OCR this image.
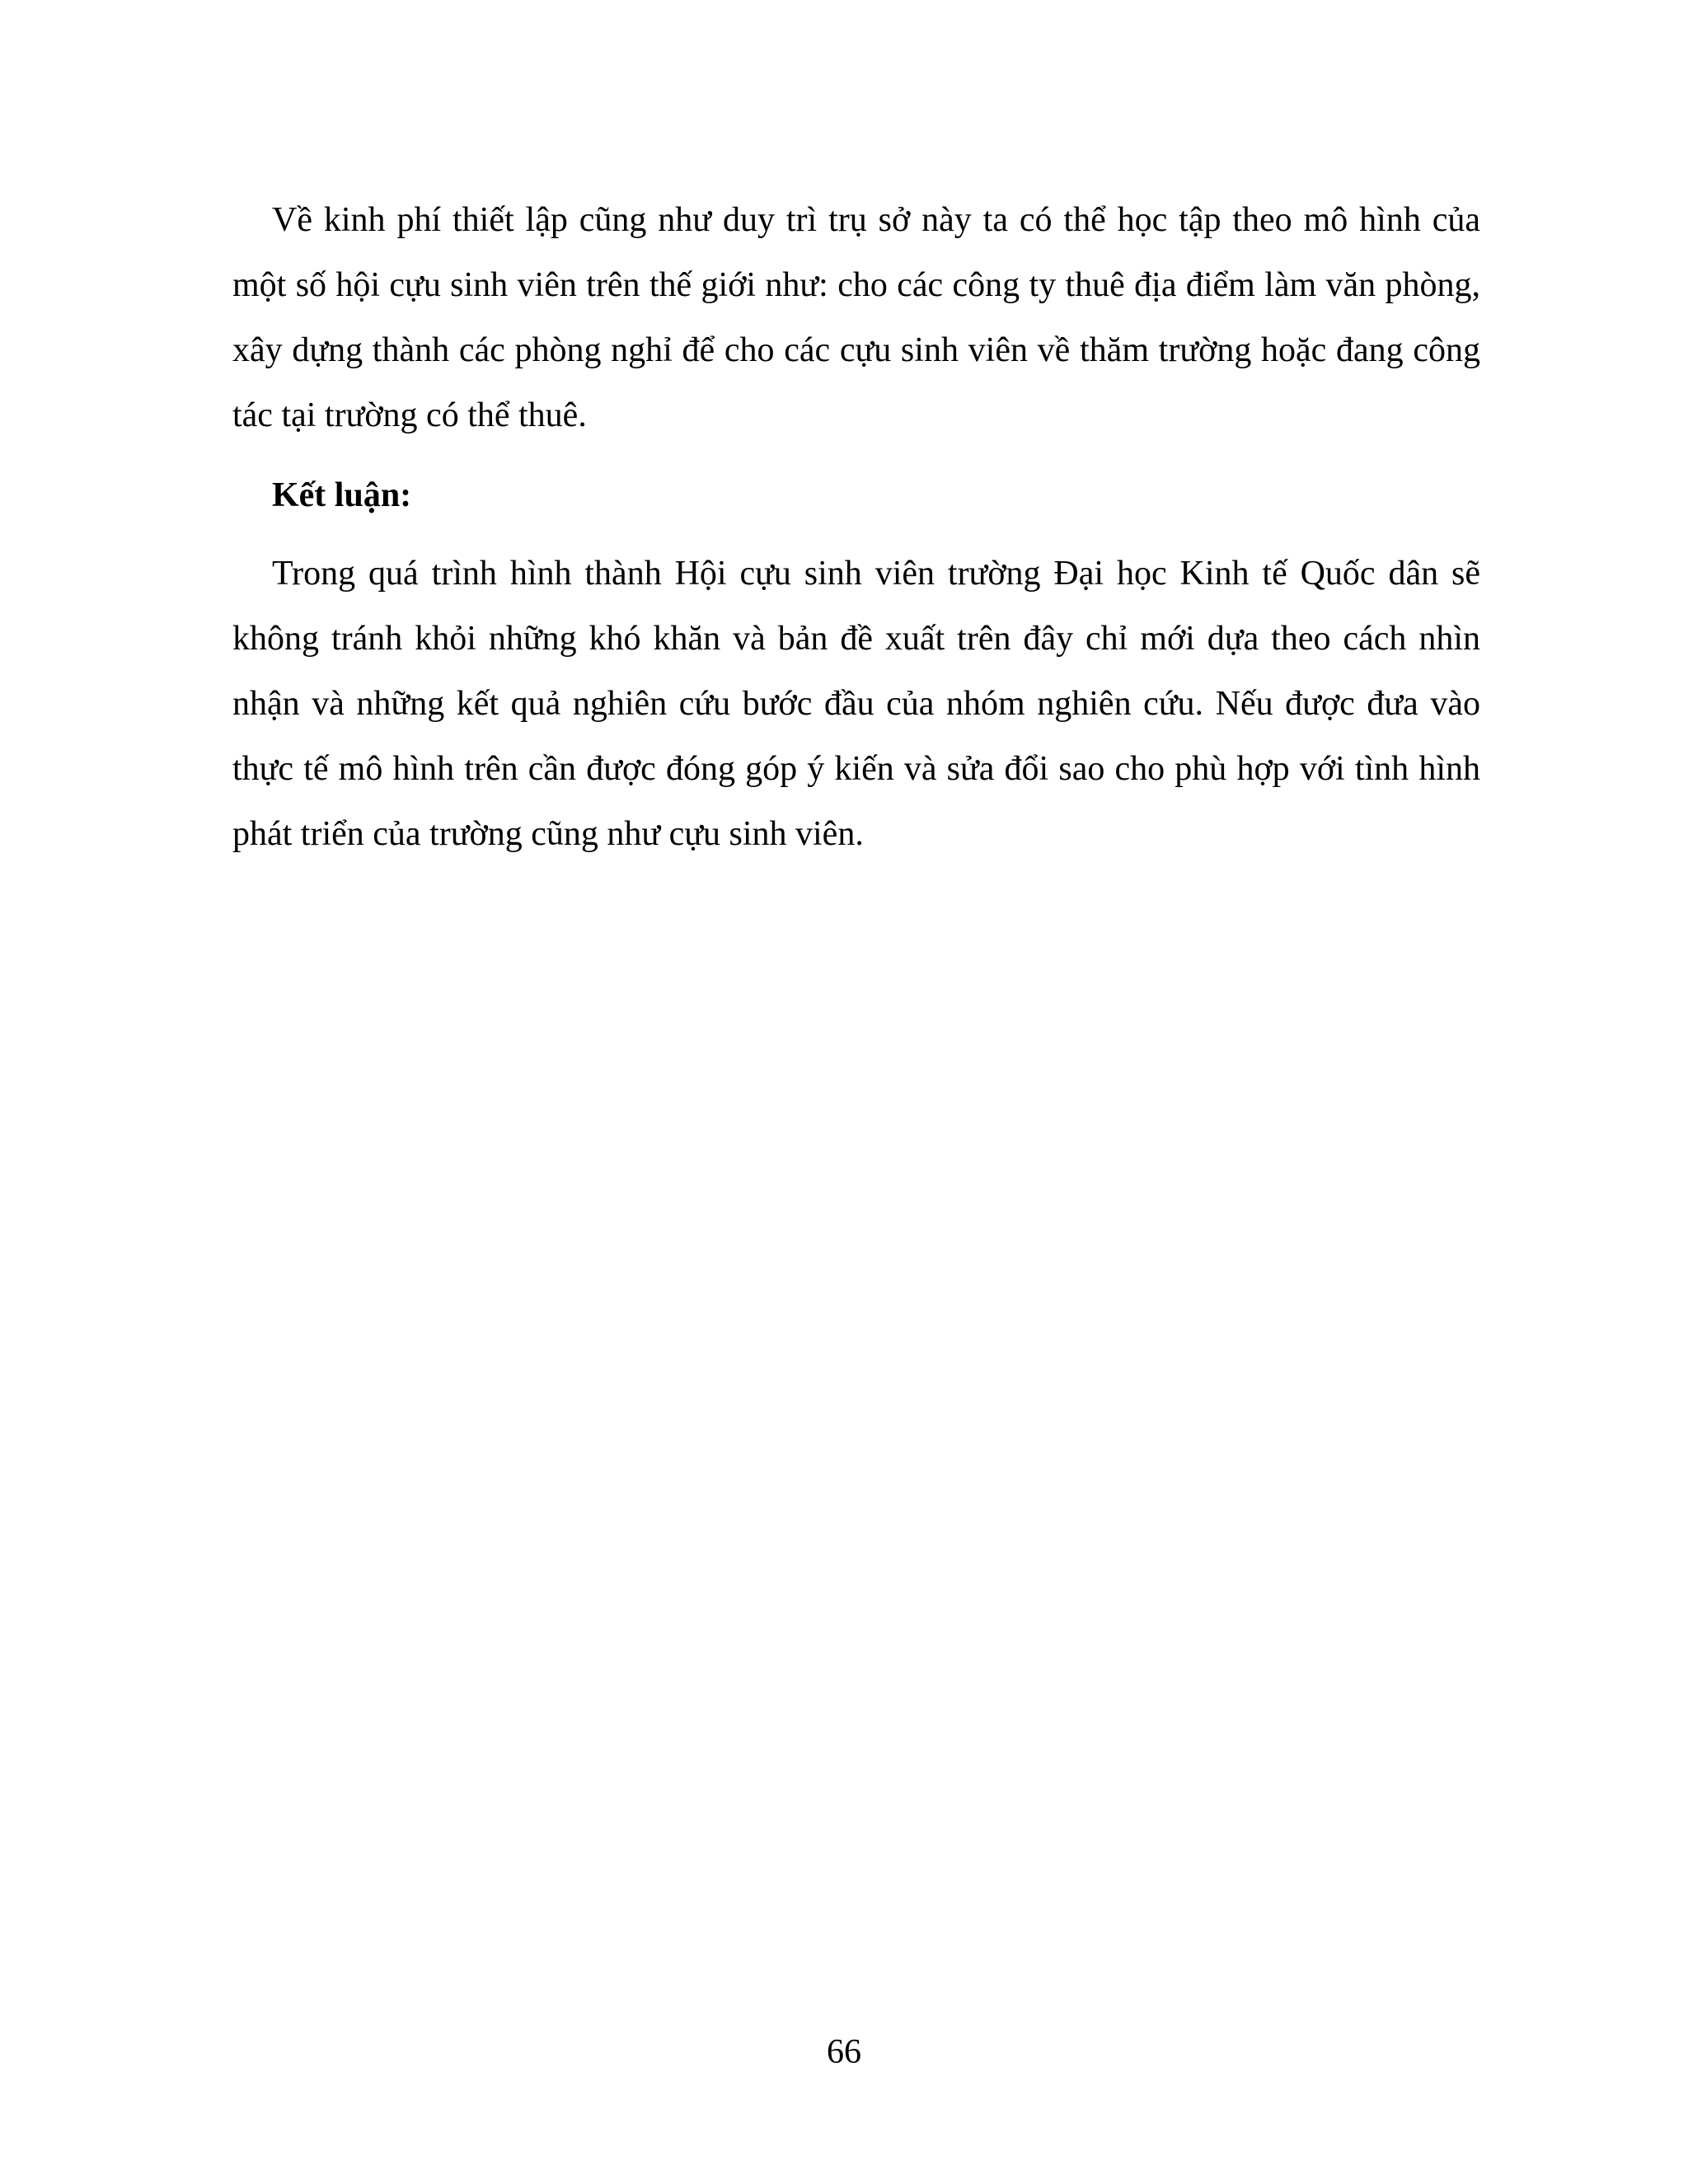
Về kinh phí thiết lập cũng như duy trì trụ sở này ta có thể học tập theo mô hình của một số hội cựu sinh viên trên thế giới như: cho các công ty thuê địa điểm làm văn phòng, xây dựng thành các phòng nghỉ để cho các cựu sinh viên về thăm trường hoặc đang công tác tại trường có thể thuê.

Kết luận:

Trong quá trình hình thành Hội cựu sinh viên trường Đại học Kinh tế Quốc dân sẽ không tránh khỏi những khó khăn và bản đề xuất trên đây chỉ mới dựa theo cách nhìn nhận và những kết quả nghiên cứu bước đầu của nhóm nghiên cứu. Nếu được đưa vào thực tế mô hình trên cần được đóng góp ý kiến và sửa đổi sao cho phù hợp với tình hình phát triển của trường cũng như cựu sinh viên.

66
